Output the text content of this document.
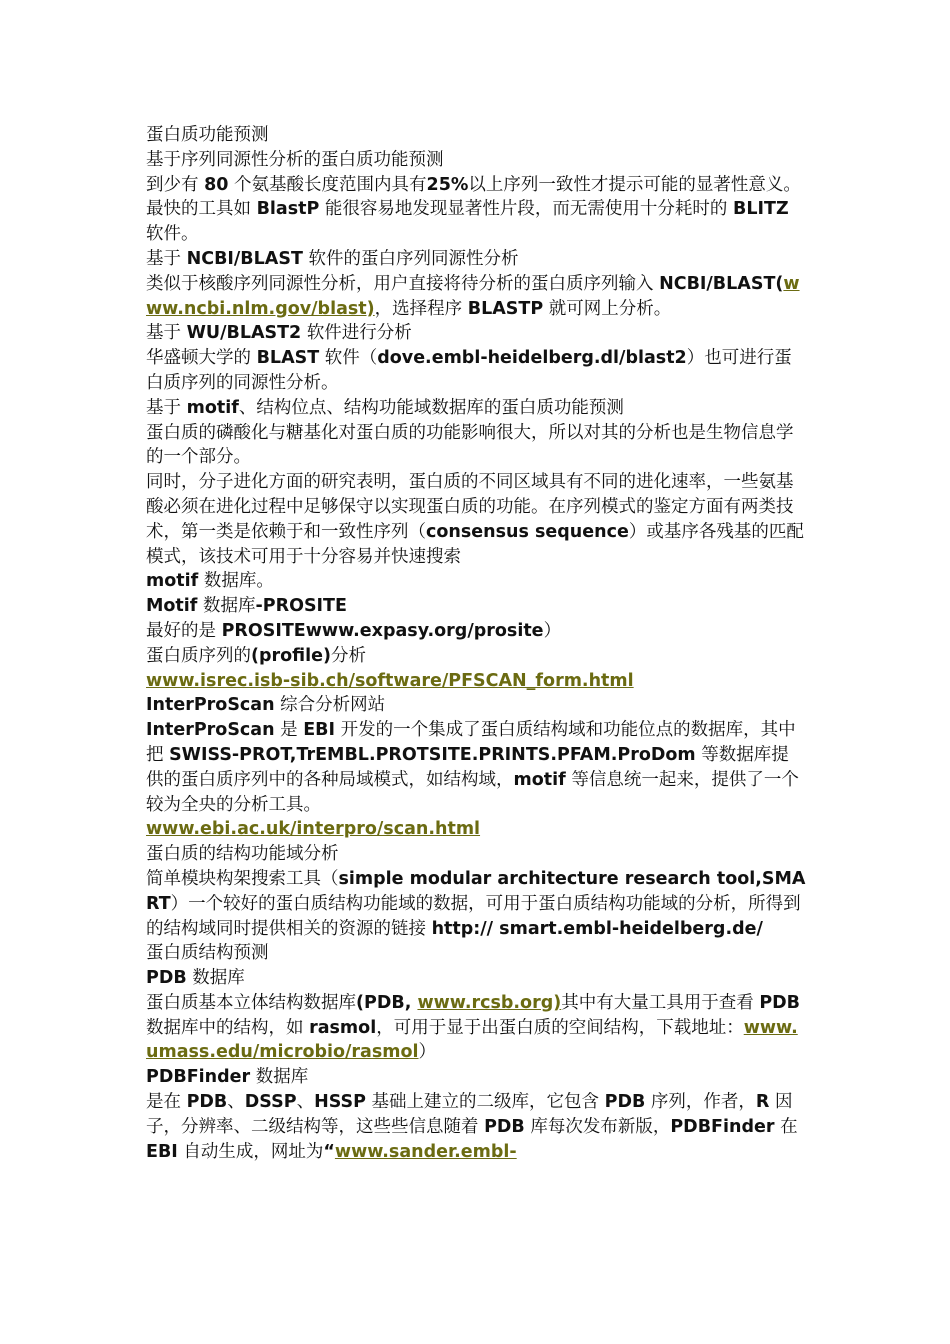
蛋白质功能预测

基于序列同源性分析的蛋白质功能预测

到少有 80 个氨基酸长度范围内具有25%以上序列一致性才提示可能的显著性意义。最快的工具如 BlastP 能很容易地发现显著性片段，而无需使用十分耗时的 BLITZ 软件。

基于 NCBI/BLAST 软件的蛋白序列同源性分析

类似于核酸序列同源性分析，用户直接将待分析的蛋白质序列输入 NCBI/BLAST(www.ncbi.nlm.gov/blast)，选择程序 BLASTP 就可网上分析。

基于 WU/BLAST2 软件进行分析

华盛顿大学的 BLAST 软件（dove.embl-heidelberg.dl/blast2）也可进行蛋白质序列的同源性分析。

基于 motif、结构位点、结构功能域数据库的蛋白质功能预测

蛋白质的磷酸化与糖基化对蛋白质的功能影响很大，所以对其的分析也是生物信息学的一个部分。

同时，分子进化方面的研究表明，蛋白质的不同区域具有不同的进化速率，一些氨基酸必须在进化过程中足够保守以实现蛋白质的功能。在序列模式的鉴定方面有两类技术，第一类是依赖于和一致性序列（consensus sequence）或基序各残基的匹配模式，该技术可用于十分容易并快速搜索
motif 数据库。

Motif 数据库-PROSITE

最好的是 PROSITEwww.expasy.org/prosite）

蛋白质序列的(profile)分析

www.isrec.isb-sib.ch/software/PFSCAN_form.html

InterProScan 综合分析网站

InterProScan 是 EBI 开发的一个集成了蛋白质结构域和功能位点的数据库，其中把 SWISS-PROT,TrEMBL.PROTSITE.PRINTS.PFAM.ProDom 等数据库提供的蛋白质序列中的各种局域模式，如结构域，motif 等信息统一起来，提供了一个较为全央的分析工具。

www.ebi.ac.uk/interpro/scan.html

蛋白质的结构功能域分析

简单模块构架搜索工具（simple modular architecture research tool,SMART）一个较好的蛋白质结构功能域的数据，可用于蛋白质结构功能域的分析，所得到的结构域同时提供相关的资源的链接 http:// smart.embl-heidelberg.de/

蛋白质结构预测

PDB 数据库

蛋白质基本立体结构数据库(PDB, www.rcsb.org)其中有大量工具用于查看 PDB 数据库中的结构，如 rasmol，可用于显于出蛋白质的空间结构，下载地址：www.umass.edu/microbio/rasmol）

PDBFinder 数据库

是在 PDB、DSSP、HSSP 基础上建立的二级库，它包含 PDB 序列，作者，R 因子，分辨率、二级结构等，这些些信息随着 PDB 库每次发布新版，PDBFinder 在 EBI 自动生成，网址为“www.sander.embl-
